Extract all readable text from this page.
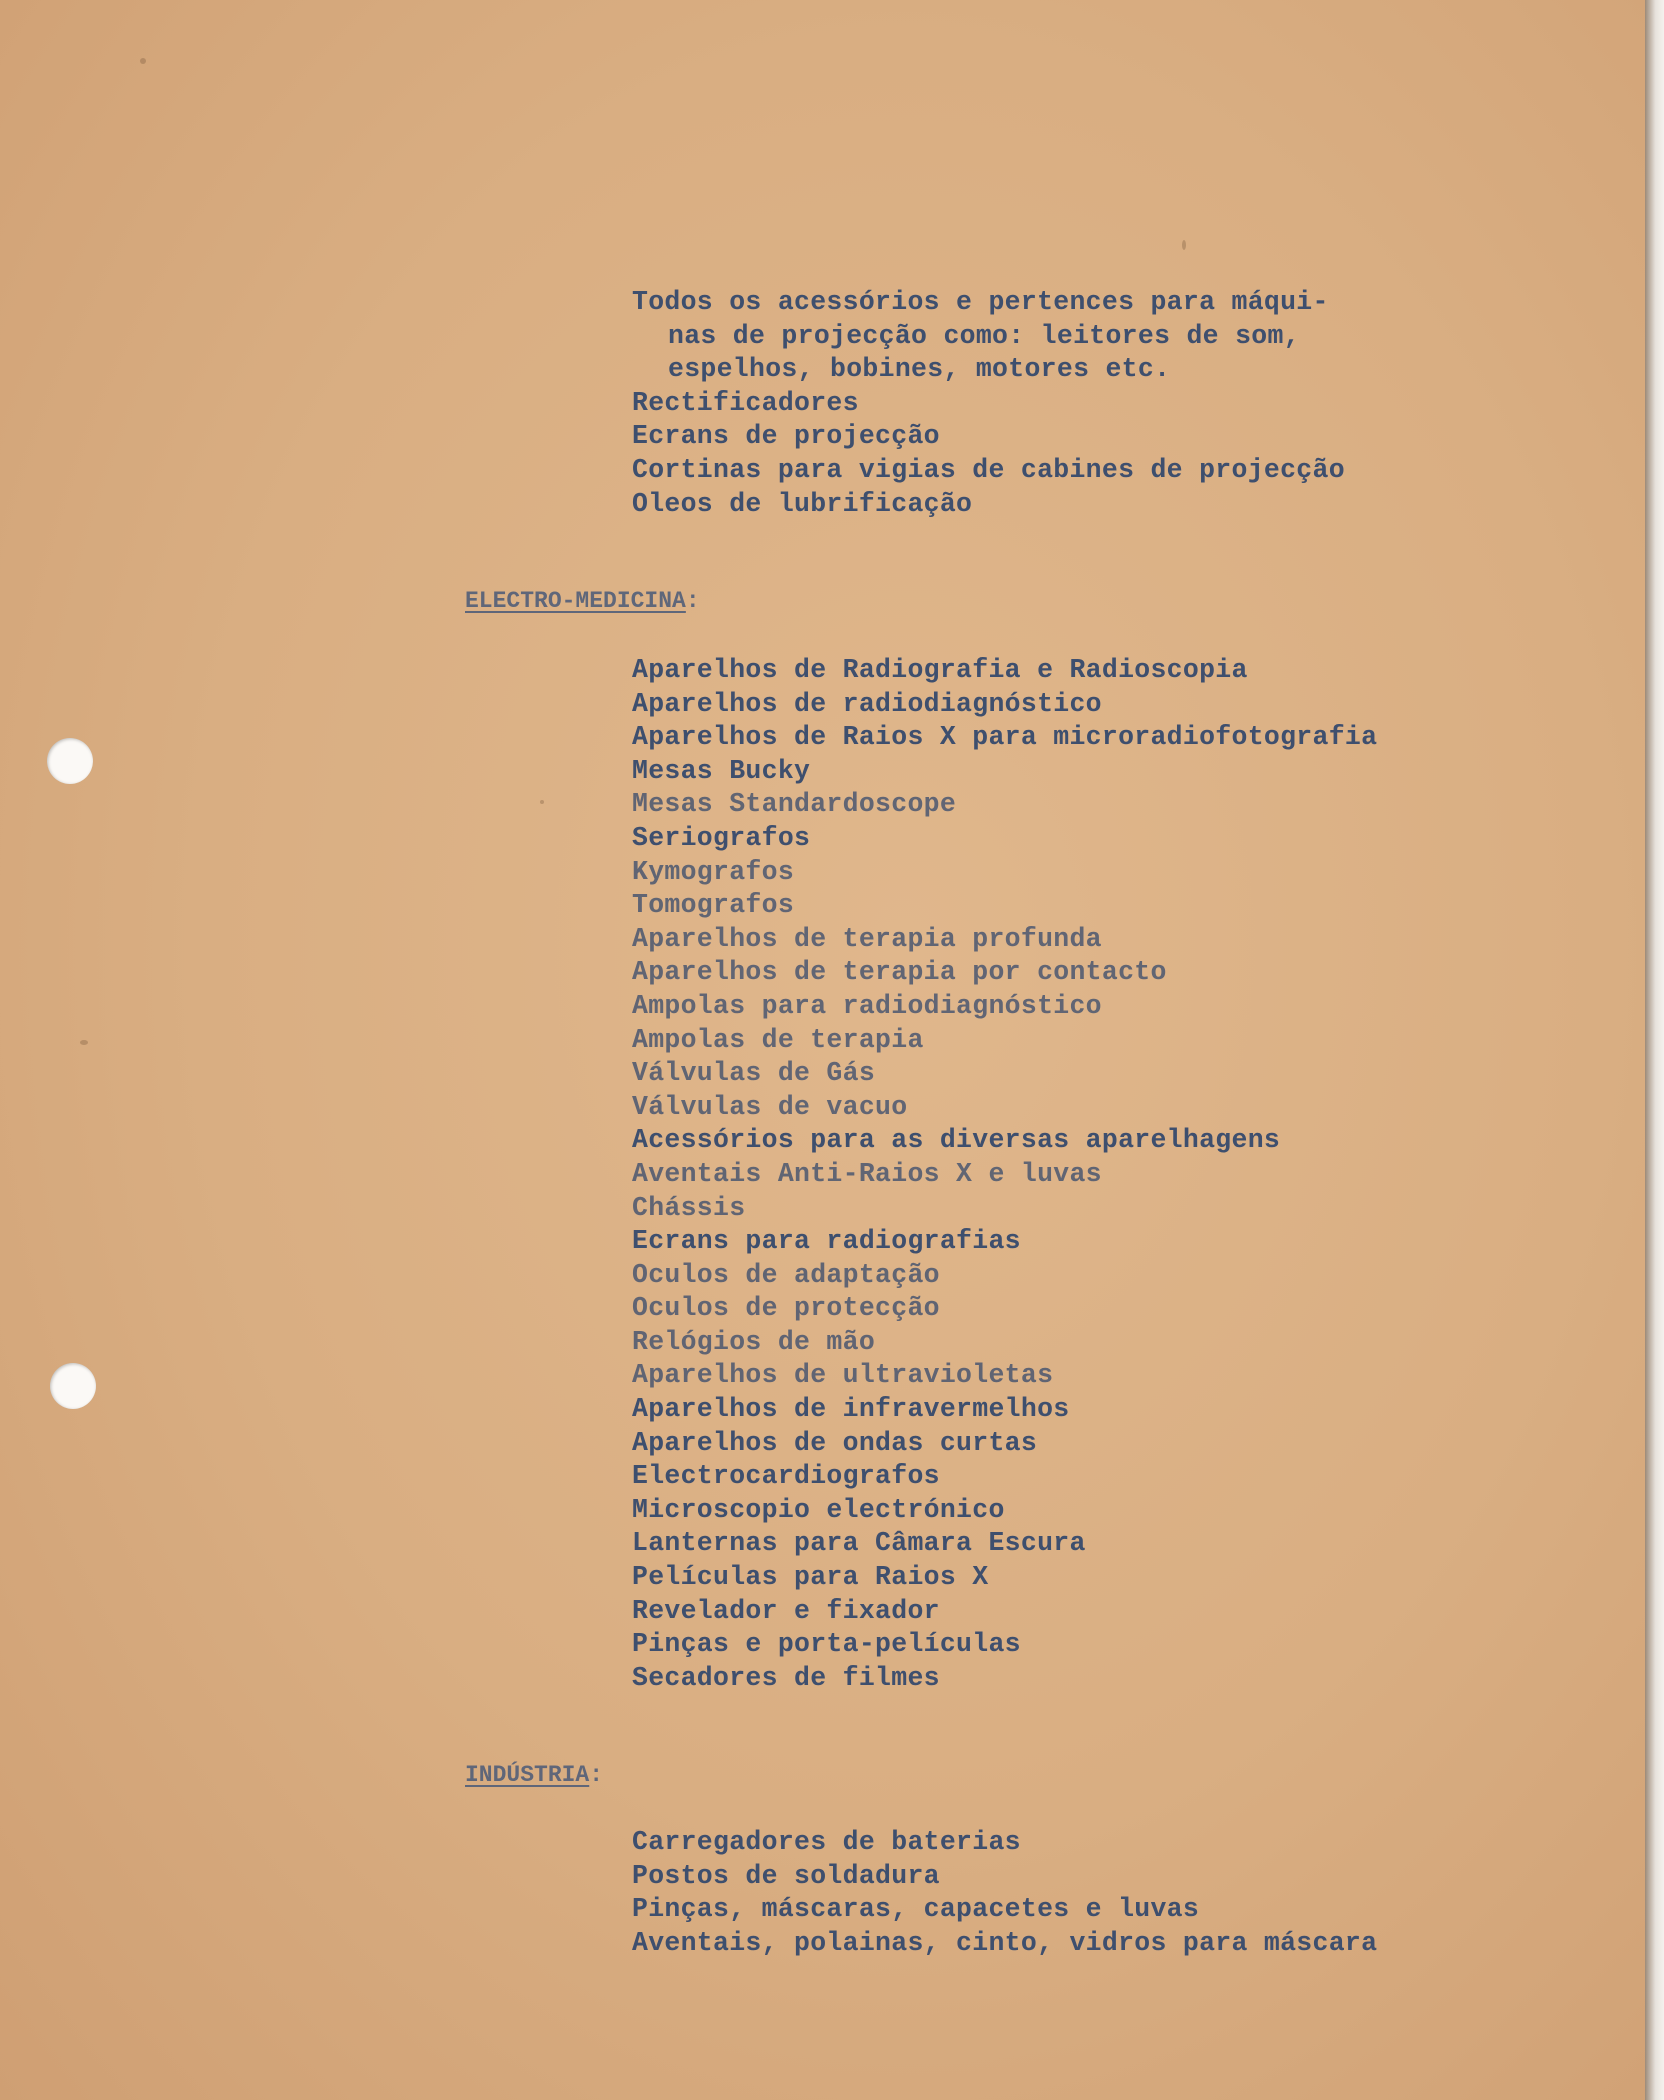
Todos os acessórios e pertences para máqui-

nas de projecção como: leitores de som,

espelhos, bobines, motores etc.

Rectificadores

Ecrans de projecção

Cortinas para vigias de cabines de projecção

Oleos de lubrificação

ELECTRO-MEDICINA:
Aparelhos de Radiografia e Radioscopia
Aparelhos de radiodiagnóstico
Aparelhos de Raios X para microradiofotografia
Mesas Bucky
Mesas Standardoscope
Seriografos
Kymografos
Tomografos
Aparelhos de terapia profunda
Aparelhos de terapia por contacto
Ampolas para radiodiagnóstico
Ampolas de terapia
Válvulas de Gás
Válvulas de vacuo
Acessórios para as diversas aparelhagens
Aventais Anti-Raios X e luvas
Chássis
Ecrans para radiografias
Oculos de adaptação
Oculos de protecção
Relógios de mão
Aparelhos de ultravioletas
Aparelhos de infravermelhos
Aparelhos de ondas curtas
Electrocardiografos
Microscopio electrónico
Lanternas para Câmara Escura
Películas para Raios X
Revelador e fixador
Pinças e porta-películas
Secadores de filmes
INDÚSTRIA:
Carregadores de baterias
Postos de soldadura
Pinças, máscaras, capacetes e luvas
Aventais, polainas, cinto, vidros para máscara
